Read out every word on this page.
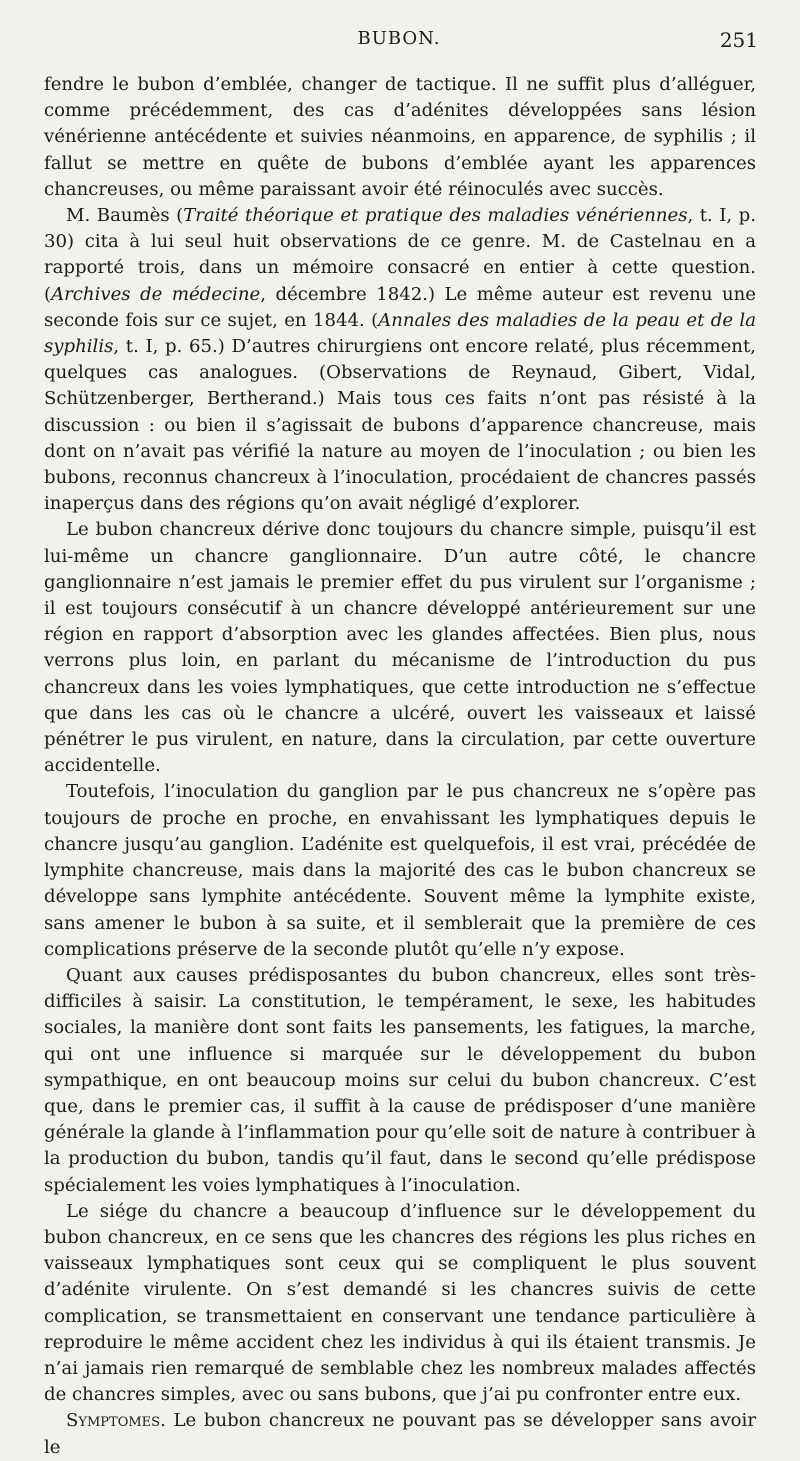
BUBON.	251

fendre le bubon d’emblée, changer de tactique. Il ne suffit plus d’alléguer, comme précédemment, des cas d’adénites développées sans lésion vénérienne antécédente et suivies néanmoins, en apparence, de syphilis ; il fallut se mettre en quête de bubons d’emblée ayant les apparences chancreuses, ou même paraissant avoir été réinoculés avec succès.

M. Baumès (Traité théorique et pratique des maladies vénériennes, t. I, p. 30) cita à lui seul huit observations de ce genre. M. de Castelnau en a rapporté trois, dans un mémoire consacré en entier à cette question. (Archives de médecine, décembre 1842.) Le même auteur est revenu une seconde fois sur ce sujet, en 1844. (Annales des maladies de la peau et de la syphilis, t. I, p. 65.) D’autres chirurgiens ont encore relaté, plus récemment, quelques cas analogues. (Observations de Reynaud, Gibert, Vidal, Schützenberger, Bertherand.) Mais tous ces faits n’ont pas résisté à la discussion : ou bien il s’agissait de bubons d’apparence chancreuse, mais dont on n’avait pas vérifié la nature au moyen de l’inoculation ; ou bien les bubons, reconnus chancreux à l’inoculation, procédaient de chancres passés inaperçus dans des régions qu’on avait négligé d’explorer.

Le bubon chancreux dérive donc toujours du chancre simple, puisqu’il est lui-même un chancre ganglionnaire. D’un autre côté, le chancre ganglionnaire n’est jamais le premier effet du pus virulent sur l’organisme ; il est toujours consécutif à un chancre développé antérieurement sur une région en rapport d’absorption avec les glandes affectées. Bien plus, nous verrons plus loin, en parlant du mécanisme de l’introduction du pus chancreux dans les voies lymphatiques, que cette introduction ne s’effectue que dans les cas où le chancre a ulcéré, ouvert les vaisseaux et laissé pénétrer le pus virulent, en nature, dans la circulation, par cette ouverture accidentelle.

Toutefois, l’inoculation du ganglion par le pus chancreux ne s’opère pas toujours de proche en proche, en envahissant les lymphatiques depuis le chancre jusqu’au ganglion. L’adénite est quelquefois, il est vrai, précédée de lymphite chancreuse, mais dans la majorité des cas le bubon chancreux se développe sans lymphite antécédente. Souvent même la lymphite existe, sans amener le bubon à sa suite, et il semblerait que la première de ces complications préserve de la seconde plutôt qu’elle n’y expose.

Quant aux causes prédisposantes du bubon chancreux, elles sont très-difficiles à saisir. La constitution, le tempérament, le sexe, les habitudes sociales, la manière dont sont faits les pansements, les fatigues, la marche, qui ont une influence si marquée sur le développement du bubon sympathique, en ont beaucoup moins sur celui du bubon chancreux. C’est que, dans le premier cas, il suffit à la cause de prédisposer d’une manière générale la glande à l’inflammation pour qu’elle soit de nature à contribuer à la production du bubon, tandis qu’il faut, dans le second qu’elle prédispose spécialement les voies lymphatiques à l’inoculation.

Le siége du chancre a beaucoup d’influence sur le développement du bubon chancreux, en ce sens que les chancres des régions les plus riches en vaisseaux lymphatiques sont ceux qui se compliquent le plus souvent d’adénite virulente. On s’est demandé si les chancres suivis de cette complication, se transmettaient en conservant une tendance particulière à reproduire le même accident chez les individus à qui ils étaient transmis. Je n’ai jamais rien remarqué de semblable chez les nombreux malades affectés de chancres simples, avec ou sans bubons, que j’ai pu confronter entre eux.

Symptomes. Le bubon chancreux ne pouvant pas se développer sans avoir le
